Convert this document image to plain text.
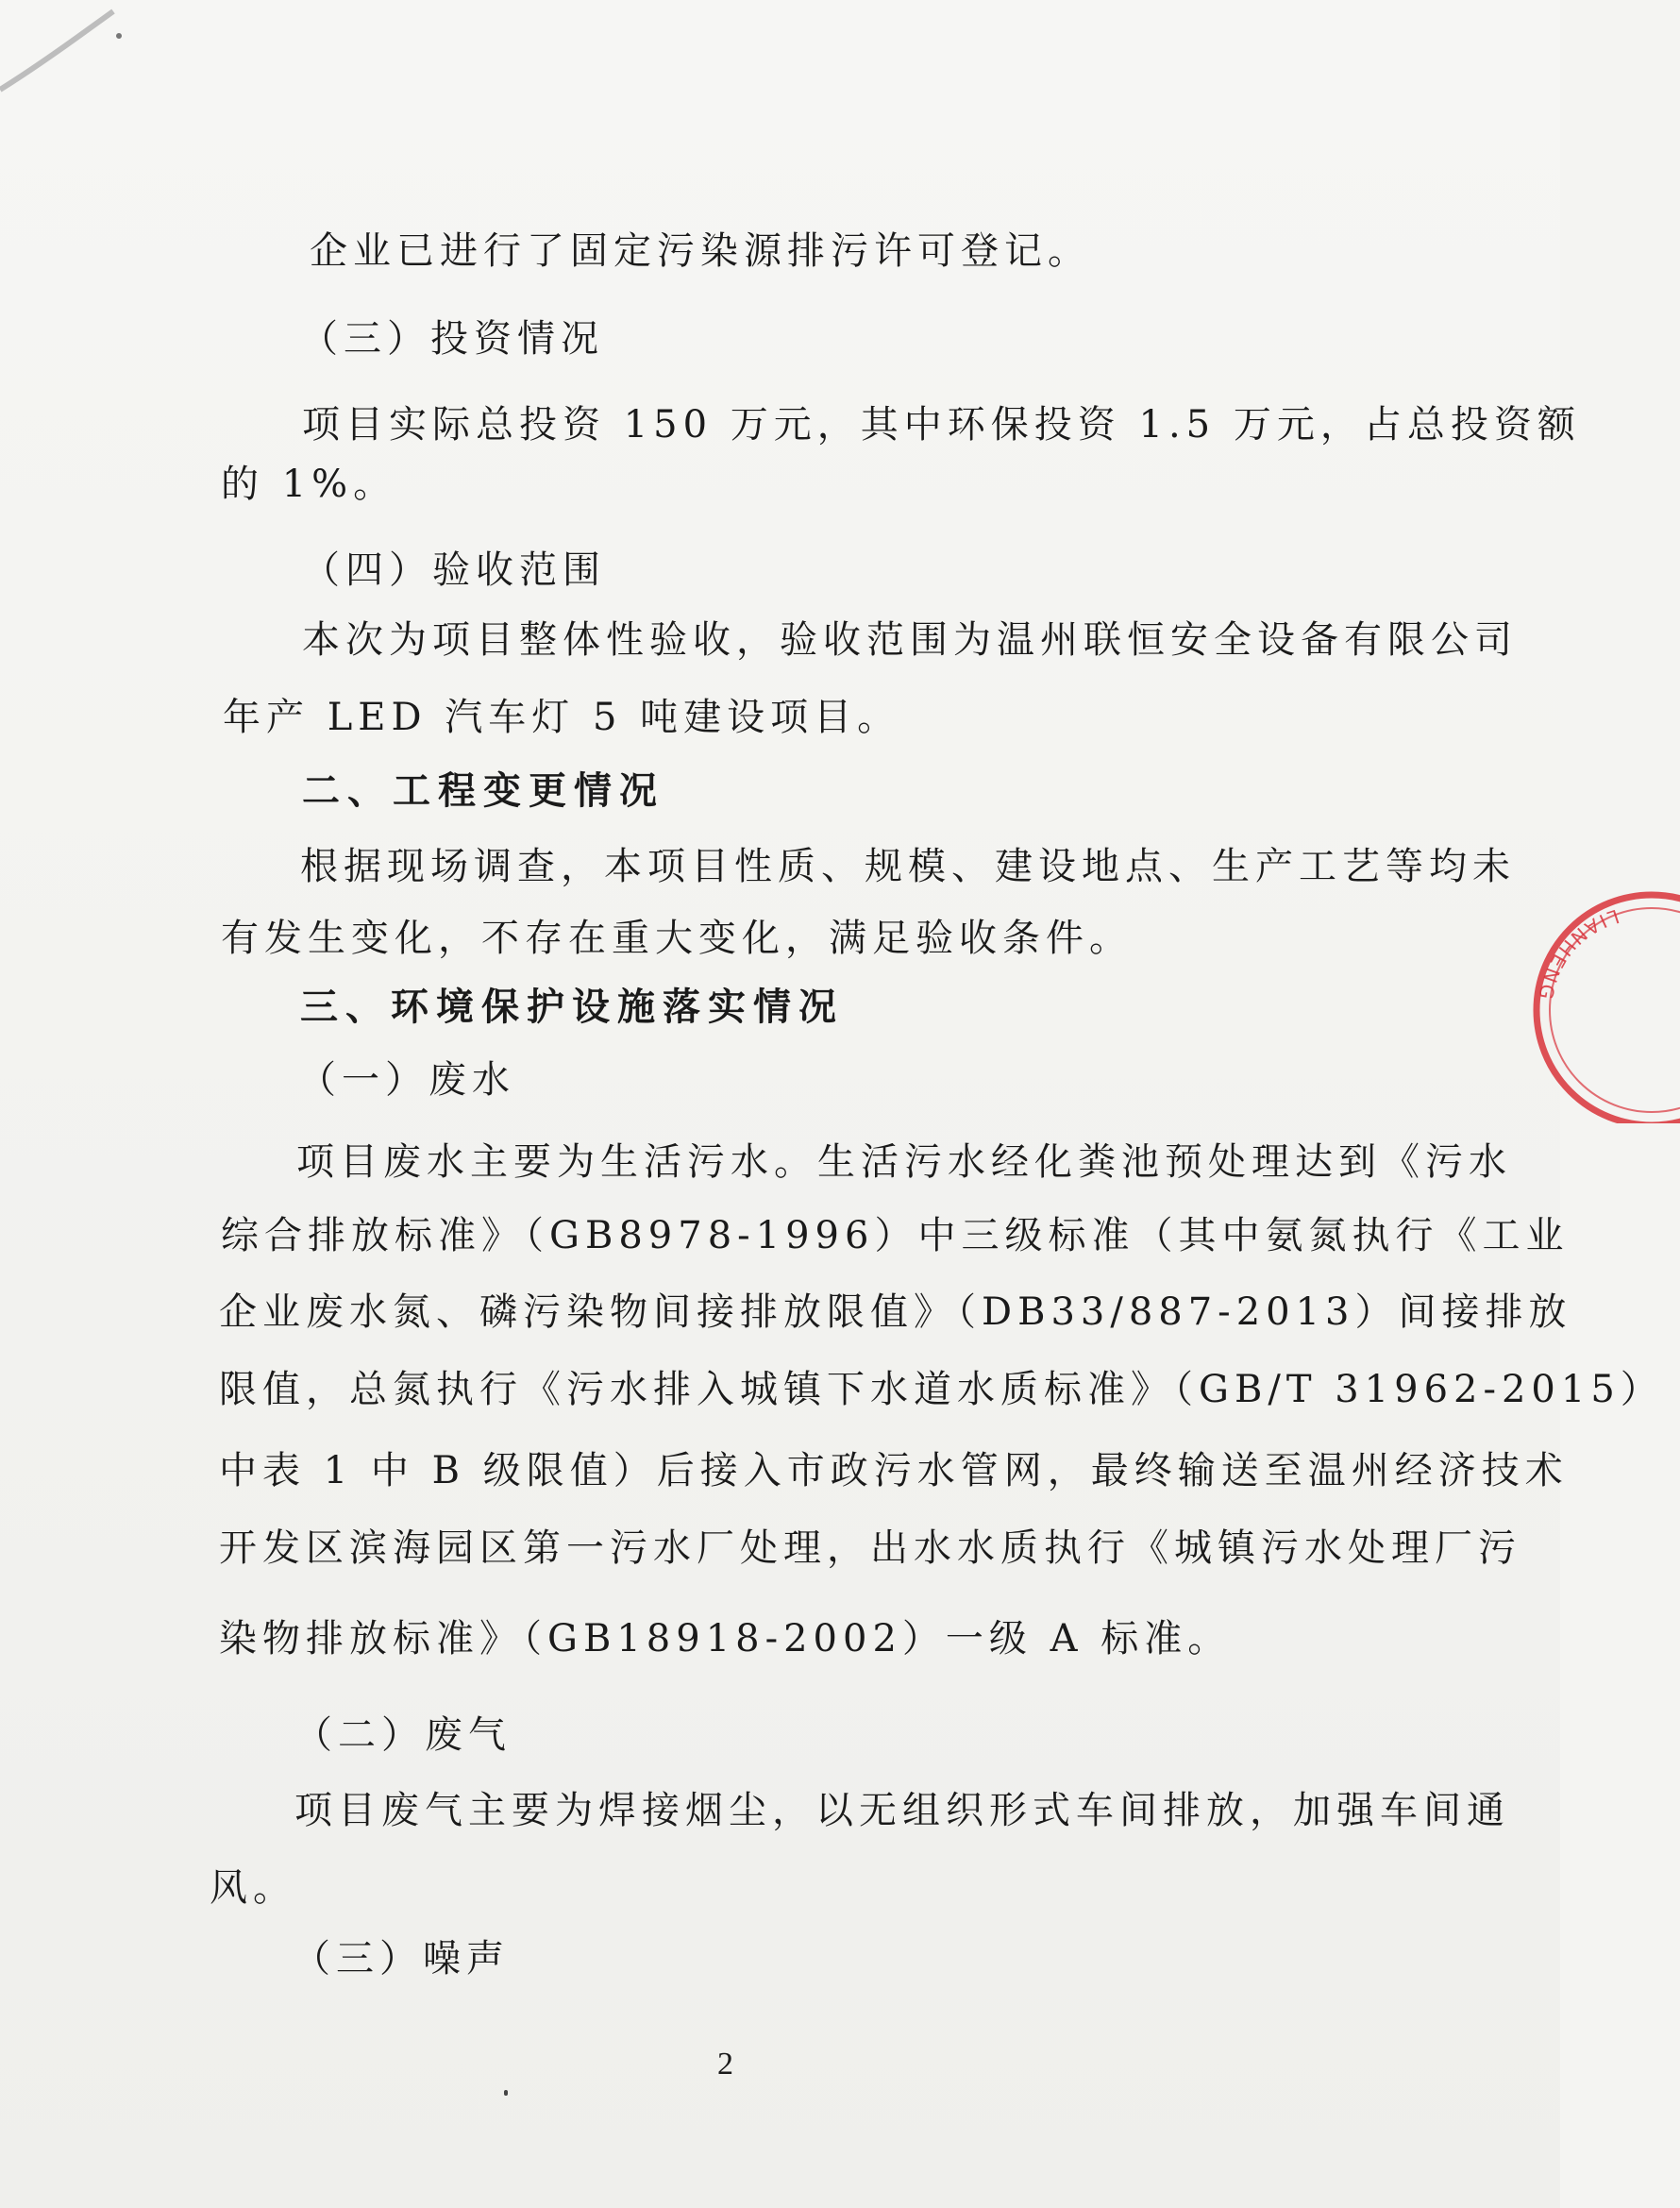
企业已进行了固定污染源排污许可登记。
（三）投资情况
项目实际总投资 150 万元，其中环保投资 1.5 万元，占总投资额
的 1%。
（四）验收范围
本次为项目整体性验收，验收范围为温州联恒安全设备有限公司
年产 LED 汽车灯 5 吨建设项目。
二、工程变更情况
根据现场调查，本项目性质、规模、建设地点、生产工艺等均未
有发生变化，不存在重大变化，满足验收条件。
三、环境保护设施落实情况
（一）废水
项目废水主要为生活污水。生活污水经化粪池预处理达到《污水
综合排放标准》（GB8978-1996）中三级标准（其中氨氮执行《工业
企业废水氮、磷污染物间接排放限值》（DB33/887-2013）间接排放
限值，总氮执行《污水排入城镇下水道水质标准》（GB/T 31962-2015）
中表 1 中 B 级限值）后接入市政污水管网，最终输送至温州经济技术
开发区滨海园区第一污水厂处理，出水水质执行《城镇污水处理厂污
染物排放标准》（GB18918-2002）一级 A 标准。
（二）废气
项目废气主要为焊接烟尘，以无组织形式车间排放，加强车间通
风。
（三）噪声
2
LIANHENG
